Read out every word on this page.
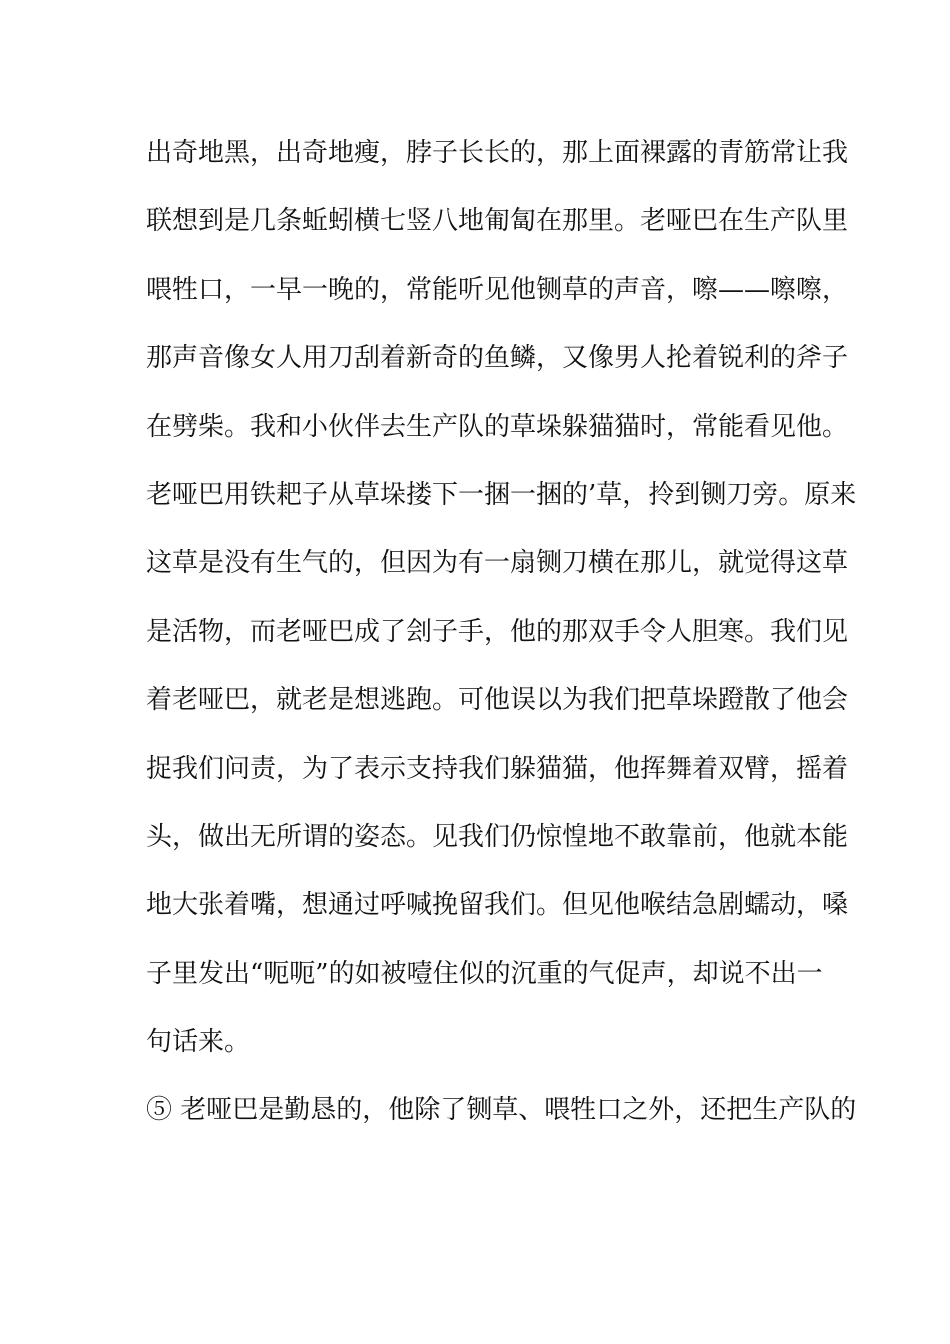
出奇地黑，出奇地瘦，脖子长长的，那上面裸露的青筋常让我
联想到是几条蚯蚓横七竖八地匍匐在那里。老哑巴在生产队里
喂牲口，一早一晚的，常能听见他铡草的声音，嚓——嚓嚓，
那声音像女人用刀刮着新奇的鱼鳞，又像男人抡着锐利的斧子
在劈柴。我和小伙伴去生产队的草垛躲猫猫时，常能看见他。
老哑巴用铁耙子从草垛搂下一捆一捆的’草，拎到铡刀旁。原来
这草是没有生气的，但因为有一扇铡刀横在那儿，就觉得这草
是活物，而老哑巴成了刽子手，他的那双手令人胆寒。我们见
着老哑巴，就老是想逃跑。可他误以为我们把草垛蹬散了他会
捉我们问责，为了表示支持我们躲猫猫，他挥舞着双臂，摇着
头，做出无所谓的姿态。见我们仍惊惶地不敢靠前，他就本能
地大张着嘴，想通过呼喊挽留我们。但见他喉结急剧蠕动，嗓
子里发出“呃呃”的如被噎住似的沉重的气促声，却说不出一
句话来。
⑤ 老哑巴是勤恳的，他除了铡草、喂牲口之外，还把生产队的
